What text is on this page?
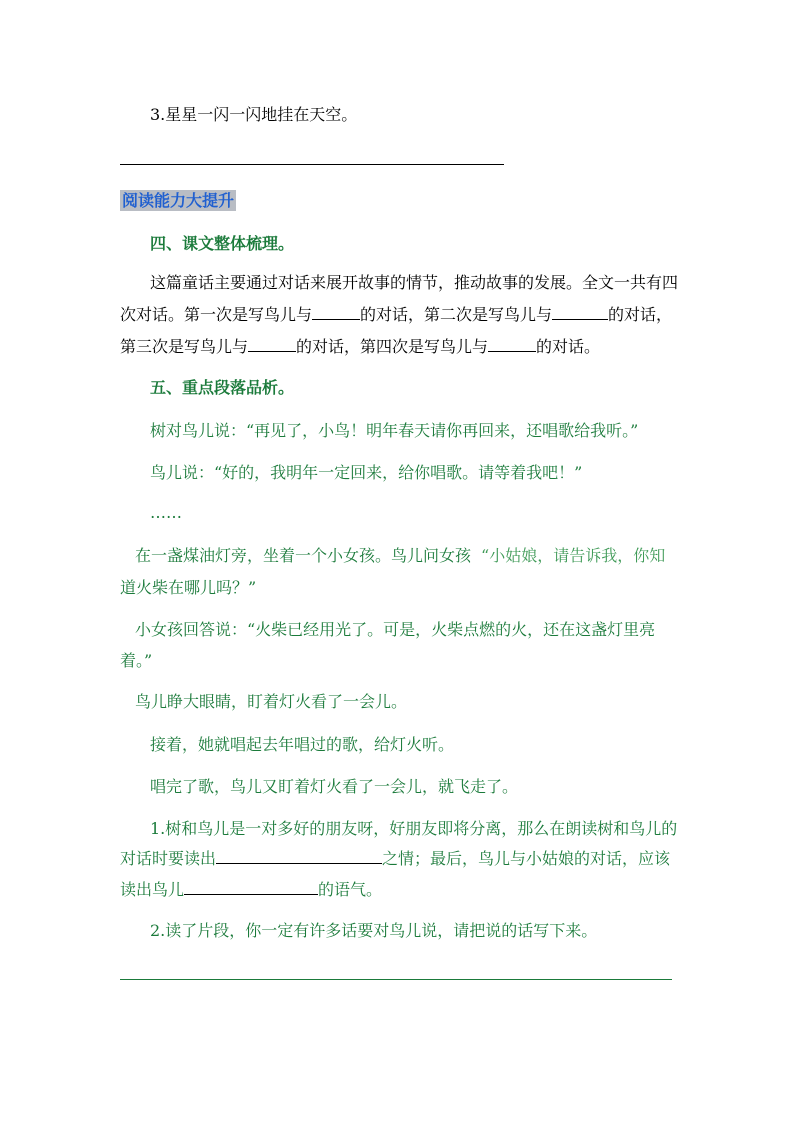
3.星星一闪一闪地挂在天空。
阅读能力大提升
四、课文整体梳理。
这篇童话主要通过对话来展开故事的情节，推动故事的发展。全文一共有四
次对话。第一次是写鸟儿与	的对话，第二次是写鸟儿与	的对话，
第三次是写鸟儿与	的对话，第四次是写鸟儿与	的对话。
五、重点段落品析。
树对鸟儿说：“再见了，小鸟！明年春天请你再回来，还唱歌给我听。”
鸟儿说：“好的，我明年一定回来，给你唱歌。请等着我吧！”
……
在一盏煤油灯旁，坐着一个小女孩。鸟儿问女孩 “小姑娘，请告诉我，你知
道火柴在哪儿吗？”
小女孩回答说：“火柴已经用光了。可是，火柴点燃的火，还在这盏灯里亮
着。”
鸟儿睁大眼睛，盯着灯火看了一会儿。
接着，她就唱起去年唱过的歌，给灯火听。
唱完了歌，鸟儿又盯着灯火看了一会儿，就飞走了。
1.树和鸟儿是一对多好的朋友呀，好朋友即将分离，那么在朗读树和鸟儿的
对话时要读出	之情；最后，鸟儿与小姑娘的对话，应该
读出鸟儿	的语气。
2.读了片段，你一定有许多话要对鸟儿说，请把说的话写下来。
